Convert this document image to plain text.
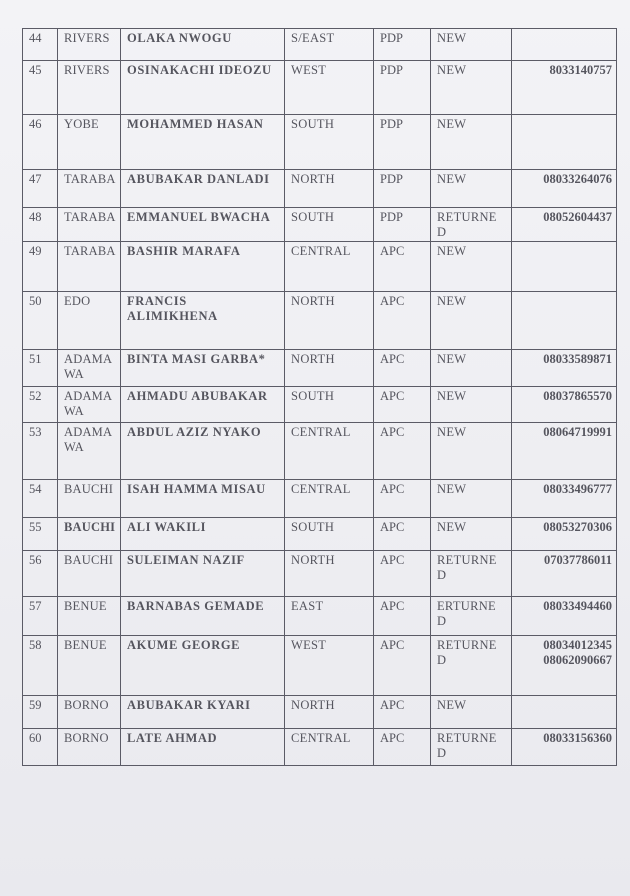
44	RIVERS	OLAKA NWOGU	S/EAST	PDP	NEW	
45	RIVERS	OSINAKACHI IDEOZU	WEST	PDP	NEW	8033140757

46	YOBE	MOHAMMED HASAN	SOUTH	PDP	NEW	
47	TARABA	ABUBAKAR DANLADI	NORTH	PDP	NEW	08033264076

48	TARABA	EMMANUEL BWACHA	SOUTH	PDP	RETURNE D	08052604437

49	TARABA	BASHIR MARAFA	CENTRAL	APC	NEW	
50	EDO	FRANCIS ALIMIKHENA	NORTH	APC	NEW	
51	ADAMA WA	BINTA MASI GARBA*	NORTH	APC	NEW	08033589871

52	ADAMA WA	AHMADU ABUBAKAR	SOUTH	APC	NEW	08037865570

53	ADAMA WA	ABDUL AZIZ NYAKO	CENTRAL	APC	NEW	08064719991

54	BAUCHI	ISAH HAMMA MISAU	CENTRAL	APC	NEW	08033496777

55	BAUCHI	ALI WAKILI	SOUTH	APC	NEW	08053270306

56	BAUCHI	SULEIMAN NAZIF	NORTH	APC	RETURNE D	07037786011

57	BENUE	BARNABAS GEMADE	EAST	APC	ERTURNE D	08033494460

58	BENUE	AKUME GEORGE	WEST	APC	RETURNE D	08034012345
08062090667

59	BORNO	ABUBAKAR KYARI	NORTH	APC	NEW	
60	BORNO	LATE AHMAD	CENTRAL	APC	RETURNE D	08033156360
